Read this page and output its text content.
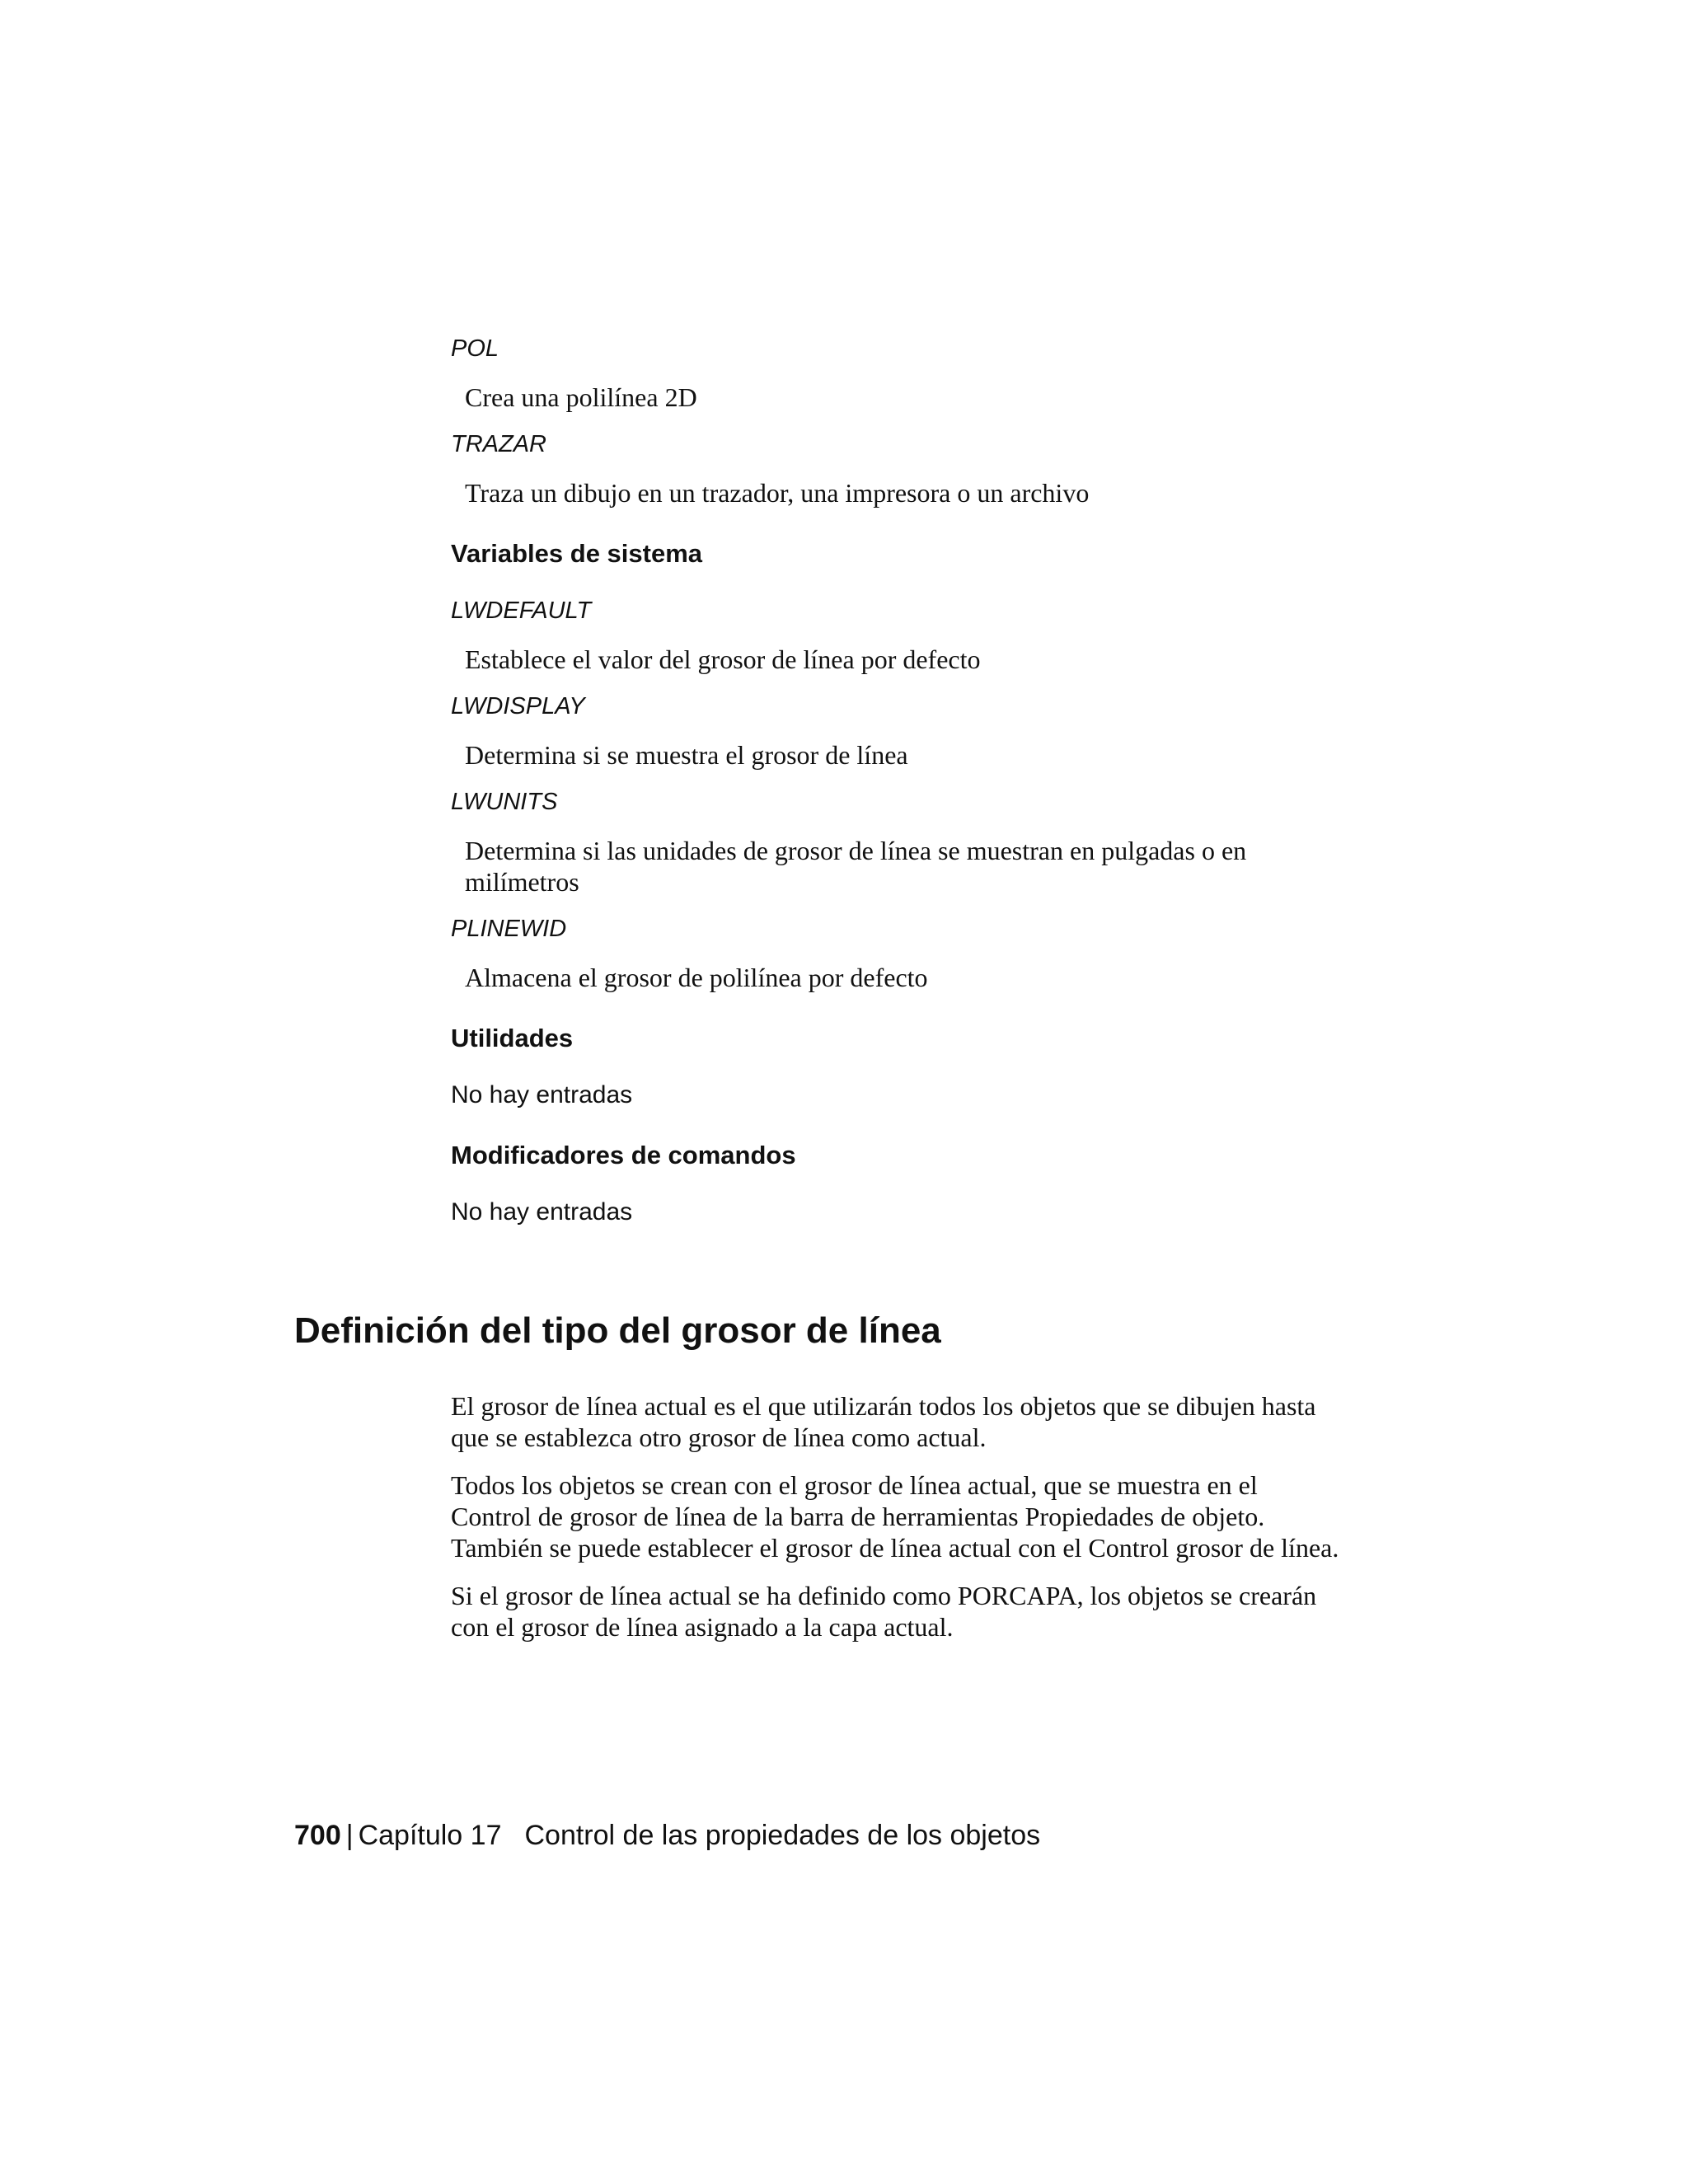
POL
Crea una polilínea 2D
TRAZAR
Traza un dibujo en un trazador, una impresora o un archivo
Variables de sistema
LWDEFAULT
Establece el valor del grosor de línea por defecto
LWDISPLAY
Determina si se muestra el grosor de línea
LWUNITS
Determina si las unidades de grosor de línea se muestran en pulgadas o en milímetros
PLINEWID
Almacena el grosor de polilínea por defecto
Utilidades
No hay entradas
Modificadores de comandos
No hay entradas
Definición del tipo del grosor de línea

El grosor de línea actual es el que utilizarán todos los objetos que se dibujen hasta que se establezca otro grosor de línea como actual.

Todos los objetos se crean con el grosor de línea actual, que se muestra en el Control de grosor de línea de la barra de herramientas Propiedades de objeto. También se puede establecer el grosor de línea actual con el Control grosor de línea.

Si el grosor de línea actual se ha definido como PORCAPA, los objetos se crearán con el grosor de línea asignado a la capa actual.

700 | Capítulo 17 Control de las propiedades de los objetos
